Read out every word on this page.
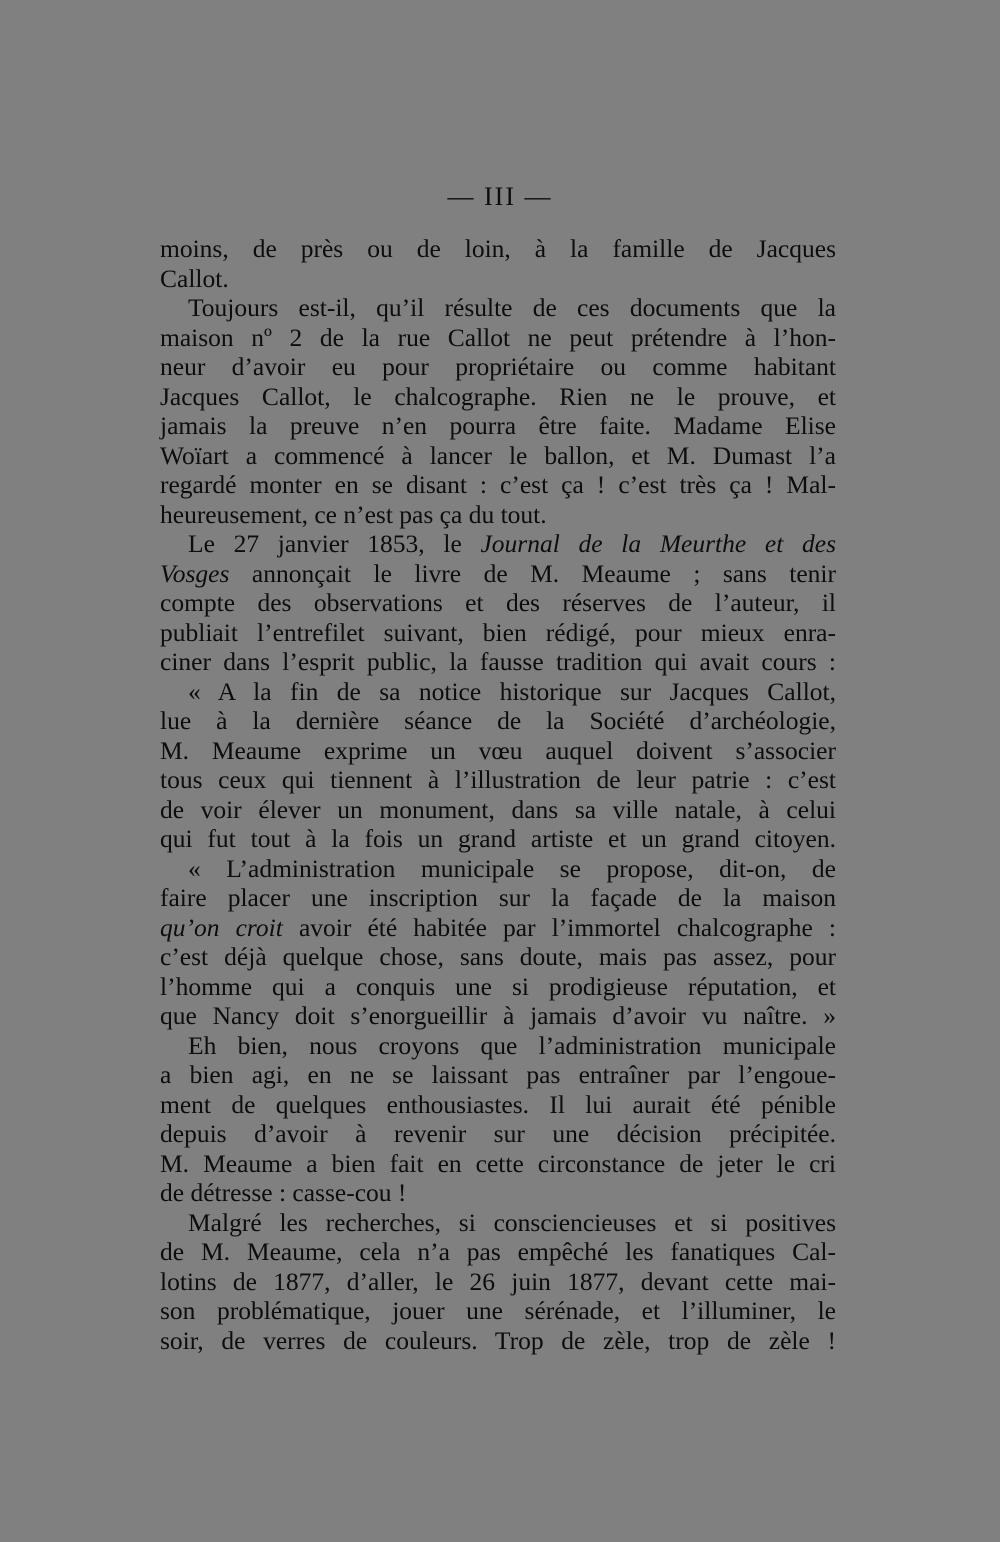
— III —
moins, de près ou de loin, à la famille de Jacques
Callot.
Toujours est-il, qu’il résulte de ces documents que la
maison nº 2 de la rue Callot ne peut prétendre à l’hon-
neur d’avoir eu pour propriétaire ou comme habitant
Jacques Callot, le chalcographe. Rien ne le prouve, et
jamais la preuve n’en pourra être faite. Madame Elise
Woïart a commencé à lancer le ballon, et M. Dumast l’a
regardé monter en se disant : c’est ça ! c’est très ça ! Mal-
heureusement, ce n’est pas ça du tout.
Le 27 janvier 1853, le Journal de la Meurthe et des
Vosges annonçait le livre de M. Meaume ; sans tenir
compte des observations et des réserves de l’auteur, il
publiait l’entrefilet suivant, bien rédigé, pour mieux enra-
ciner dans l’esprit public, la fausse tradition qui avait cours :
« A la fin de sa notice historique sur Jacques Callot,
lue à la dernière séance de la Société d’archéologie,
M. Meaume exprime un vœu auquel doivent s’associer
tous ceux qui tiennent à l’illustration de leur patrie : c’est
de voir élever un monument, dans sa ville natale, à celui
qui fut tout à la fois un grand artiste et un grand citoyen.
« L’administration municipale se propose, dit-on, de
faire placer une inscription sur la façade de la maison
qu’on croit avoir été habitée par l’immortel chalcographe :
c’est déjà quelque chose, sans doute, mais pas assez, pour
l’homme qui a conquis une si prodigieuse réputation, et
que Nancy doit s’enorgueillir à jamais d’avoir vu naître. »
Eh bien, nous croyons que l’administration municipale
a bien agi, en ne se laissant pas entraîner par l’engoue-
ment de quelques enthousiastes. Il lui aurait été pénible
depuis d’avoir à revenir sur une décision précipitée.
M. Meaume a bien fait en cette circonstance de jeter le cri
de détresse : casse-cou !
Malgré les recherches, si consciencieuses et si positives
de M. Meaume, cela n’a pas empêché les fanatiques Cal-
lotins de 1877, d’aller, le 26 juin 1877, devant cette mai-
son problématique, jouer une sérénade, et l’illuminer, le
soir, de verres de couleurs. Trop de zèle, trop de zèle !
